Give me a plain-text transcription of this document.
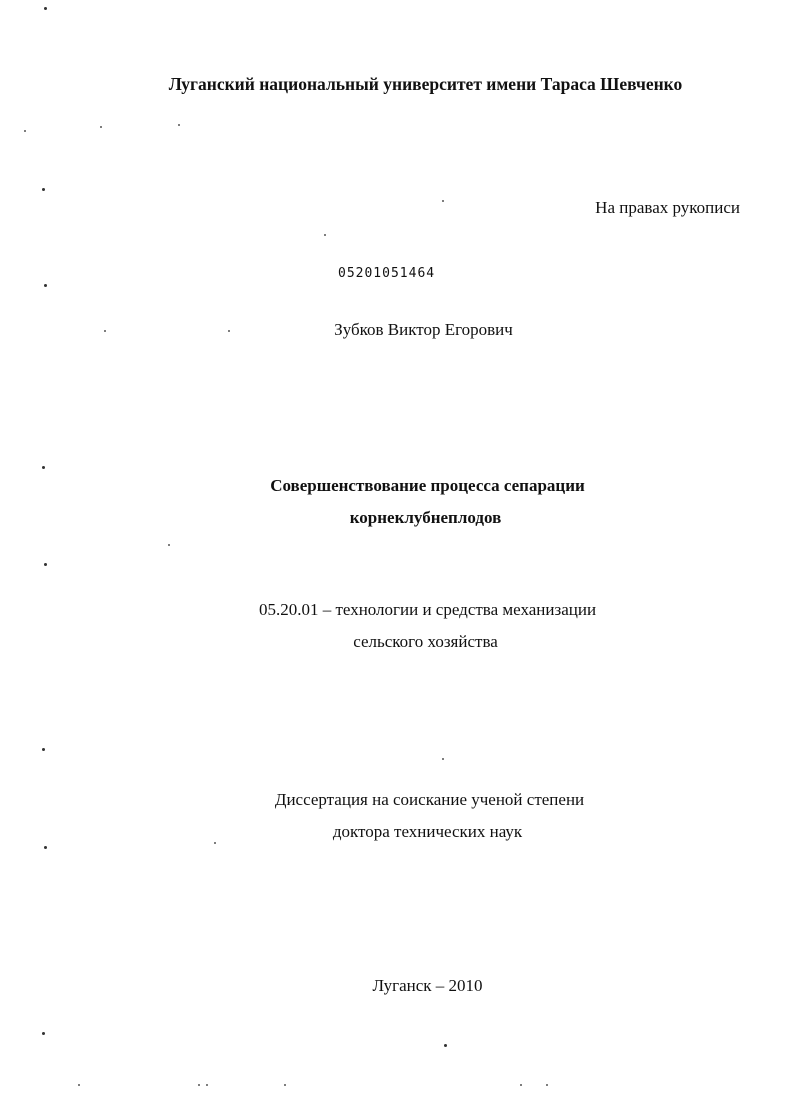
Луганский национальный университет имени Тараса Шевченко
На правах рукописи
05201051464
Зубков Виктор Егорович
Совершенствование процесса сепарации
корнеклубнеплодов
05.20.01 – технологии и средства механизации
сельского хозяйства
Диссертация на соискание ученой степени
доктора технических наук
Луганск – 2010
